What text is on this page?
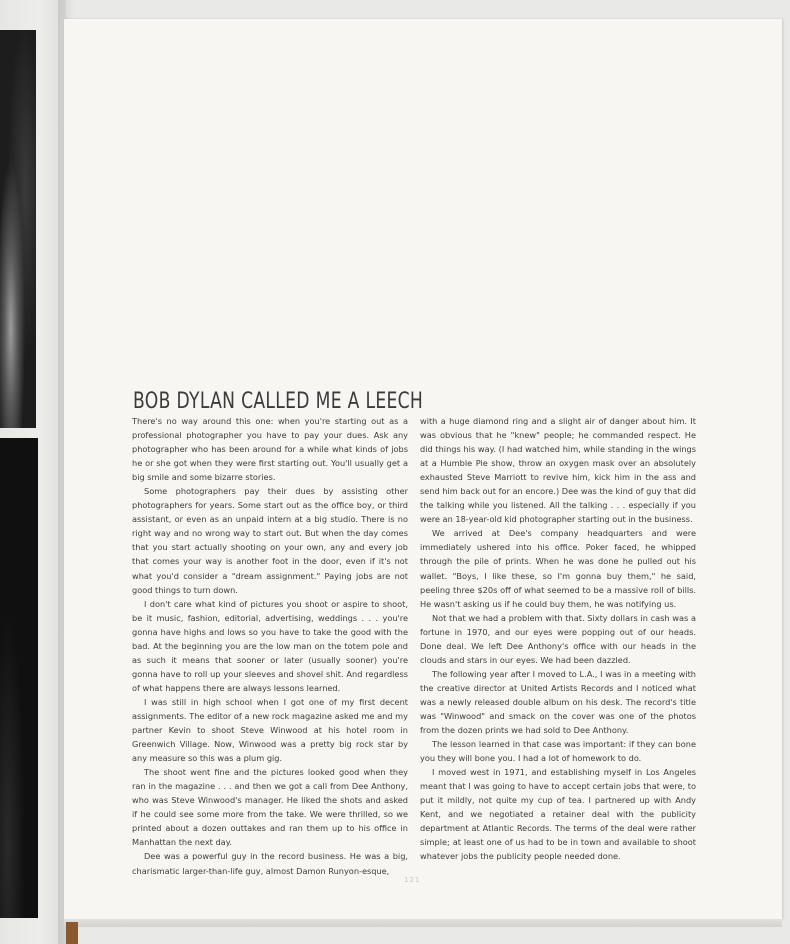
BOB DYLAN CALLED ME A LEECH

There's no way around this one: when you're starting out as a professional photographer you have to pay your dues. Ask any photographer who has been around for a while what kinds of jobs he or she got when they were first starting out. You'll usually get a big smile and some bizarre stories.

Some photographers pay their dues by assisting other photographers for years. Some start out as the office boy, or third assistant, or even as an unpaid intern at a big studio. There is no right way and no wrong way to start out. But when the day comes that you start actually shooting on your own, any and every job that comes your way is another foot in the door, even if it's not what you'd consider a "dream assignment." Paying jobs are not good things to turn down.

I don't care what kind of pictures you shoot or aspire to shoot, be it music, fashion, editorial, advertising, weddings . . . you're gonna have highs and lows so you have to take the good with the bad. At the beginning you are the low man on the totem pole and as such it means that sooner or later (usually sooner) you're gonna have to roll up your sleeves and shovel shit. And regardless of what happens there are always lessons learned.

I was still in high school when I got one of my first decent assignments. The editor of a new rock magazine asked me and my partner Kevin to shoot Steve Winwood at his hotel room in Greenwich Village. Now, Winwood was a pretty big rock star by any measure so this was a plum gig.

The shoot went fine and the pictures looked good when they ran in the magazine . . . and then we got a call from Dee Anthony, who was Steve Winwood's manager. He liked the shots and asked if he could see some more from the take. We were thrilled, so we printed about a dozen outtakes and ran them up to his office in Manhattan the next day.

Dee was a powerful guy in the record business. He was a big, charismatic larger-than-life guy, almost Damon Runyon-esque,

with a huge diamond ring and a slight air of danger about him. It was obvious that he "knew" people; he commanded respect. He did things his way. (I had watched him, while standing in the wings at a Humble Pie show, throw an oxygen mask over an absolutely exhausted Steve Marriott to revive him, kick him in the ass and send him back out for an encore.) Dee was the kind of guy that did the talking while you listened. All the talking . . . especially if you were an 18-year-old kid photographer starting out in the business.

We arrived at Dee's company headquarters and were immediately ushered into his office. Poker faced, he whipped through the pile of prints. When he was done he pulled out his wallet. "Boys, I like these, so I'm gonna buy them," he said, peeling three $20s off of what seemed to be a massive roll of bills. He wasn't asking us if he could buy them, he was notifying us.

Not that we had a problem with that. Sixty dollars in cash was a fortune in 1970, and our eyes were popping out of our heads. Done deal. We left Dee Anthony's office with our heads in the clouds and stars in our eyes. We had been dazzled.

The following year after I moved to L.A., I was in a meeting with the creative director at United Artists Records and I noticed what was a newly released double album on his desk. The record's title was "Winwood" and smack on the cover was one of the photos from the dozen prints we had sold to Dee Anthony.

The lesson learned in that case was important: if they can bone you they will bone you. I had a lot of homework to do.

I moved west in 1971, and establishing myself in Los Angeles meant that I was going to have to accept certain jobs that were, to put it mildly, not quite my cup of tea. I partnered up with Andy Kent, and we negotiated a retainer deal with the publicity department at Atlantic Records. The terms of the deal were rather simple; at least one of us had to be in town and available to shoot whatever jobs the publicity people needed done.

121
